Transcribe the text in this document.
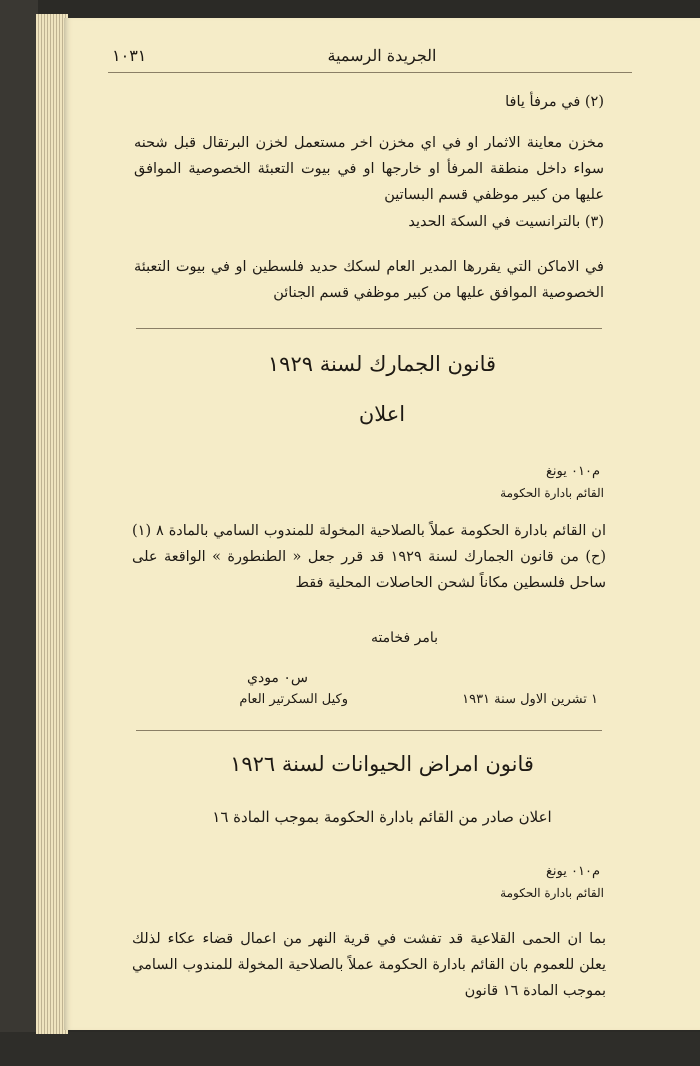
١٠٣١	الجريدة الرسمية
(٢) في مرفأ يافا
مخزن معاينة الاثمار او في اي مخزن اخر مستعمل لخزن البرتقال قبل شحنه سواء داخل منطقة المرفأ او خارجها او في بيوت التعبئة الخصوصية الموافق عليها من كبير موظفي قسم البساتين
(٣) بالترانسيت في السكة الحديد
في الاماكن التي يقررها المدير العام لسكك حديد فلسطين او في بيوت التعبئة الخصوصية الموافق عليها من كبير موظفي قسم الجنائن
قانون الجمارك لسنة ١٩٢٩
اعلان
م٠١٠ يونغ
القائم بادارة الحكومة
ان القائم بادارة الحكومة عملاً بالصلاحية المخولة للمندوب السامي بالمادة ٨ (١) (ح) من قانون الجمارك لسنة ١٩٢٩ قد قرر جعل « الطنطورة » الواقعة على ساحل فلسطين مكاناً لشحن الحاصلات المحلية فقط
بامر فخامته
س٠ مودي
وكيل السكرتير العام	١ تشرين الاول سنة ١٩٣١
قانون امراض الحيوانات لسنة ١٩٢٦
اعلان صادر من القائم بادارة الحكومة بموجب المادة ١٦
م٠١٠ يونغ
القائم بادارة الحكومة
بما ان الحمى القلاعية قد تفشت في قرية النهر من اعمال قضاء عكاء لذلك يعلن للعموم بان القائم بادارة الحكومة عملاً بالصلاحية المخولة للمندوب السامي بموجب المادة ١٦ قانون
